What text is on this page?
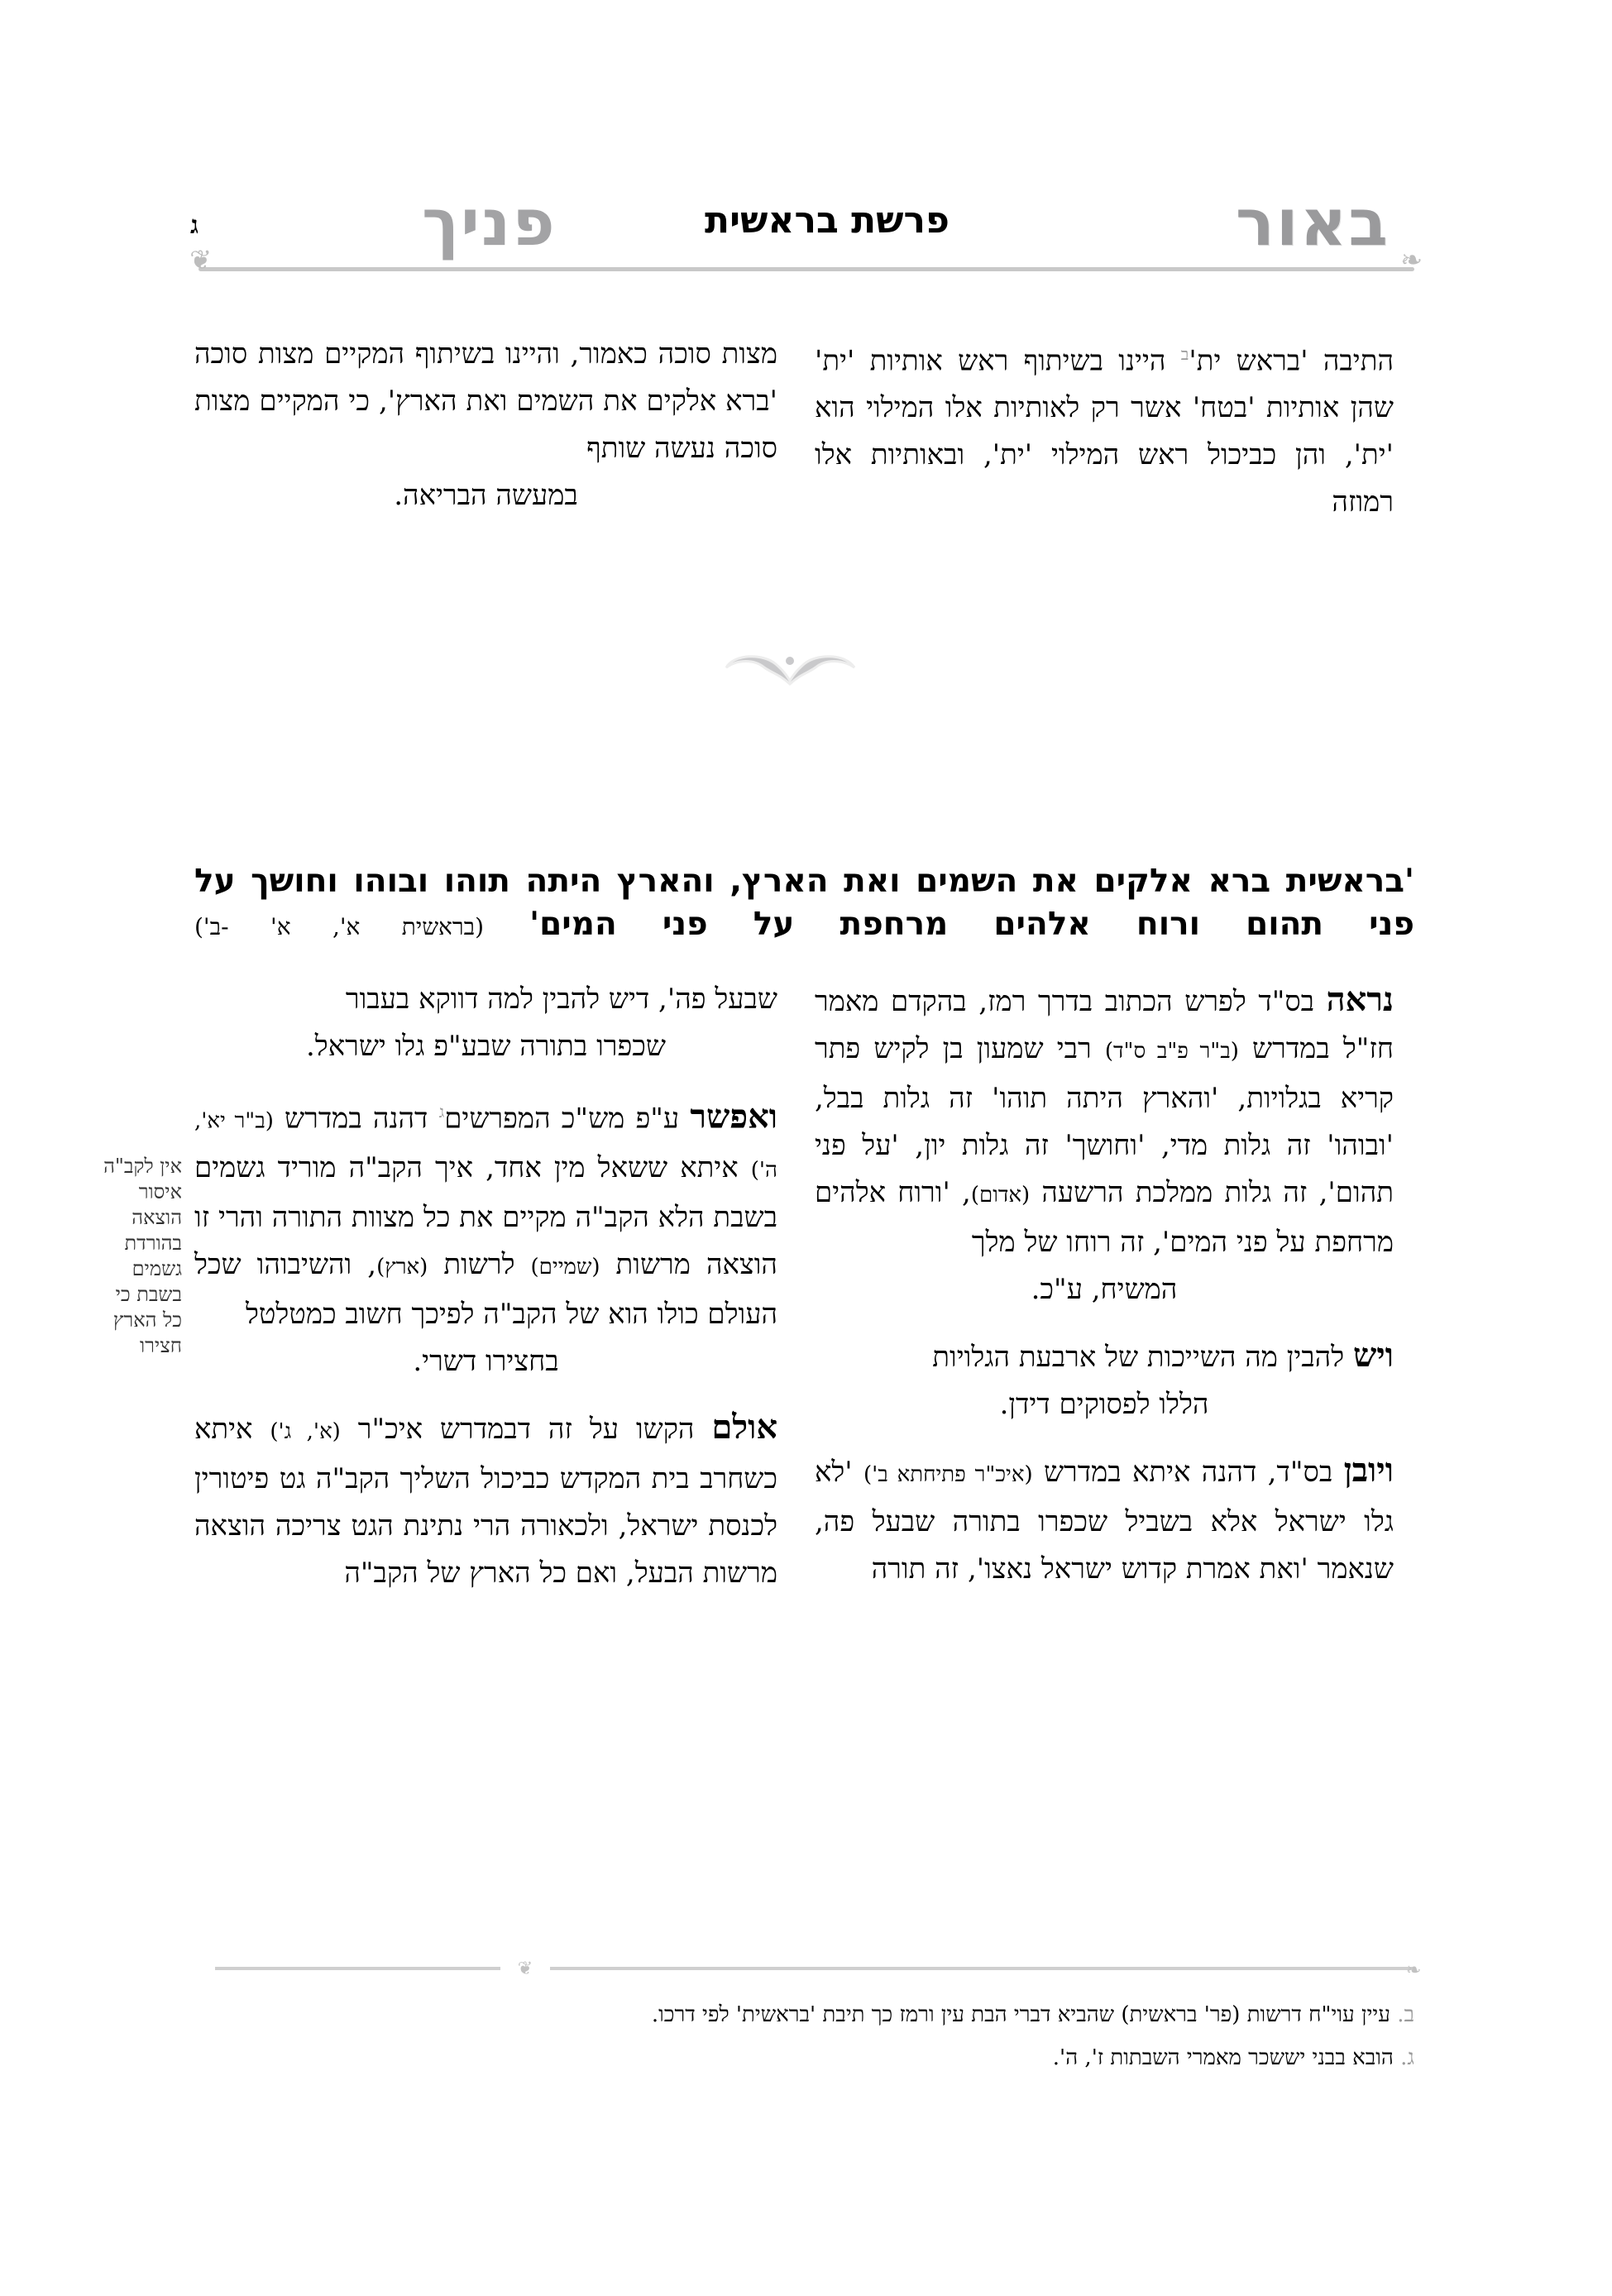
באור
פרשת בראשית
פניך
ג
❦	❧

התיבה 'בראש ית'$^ב$ היינו בשיתוף ראש אותיות 'ית' שהן אותיות 'בטח' אשר רק לאותיות אלו המילוי הוא 'ית', והן כביכול ראש המילוי 'ית', ובאותיות אלו רמוזה

מצות סוכה כאמור, והיינו בשיתוף המקיים מצות סוכה 'ברא אלקים את השמים ואת הארץ', כי המקיים מצות סוכה נעשה שותף

במעשה הבריאה.

'בראשית ברא אלקים את השמים ואת הארץ, והארץ היתה תוהו ובוהו וחושך על פני תהום ורוח אלהים מרחפת על פני המים' (בראשית א', א' -ב')

נראה בס"ד לפרש הכתוב בדרך רמז, בהקדם מאמר חז"ל במדרש (ב"ר פ"ב ס"ד) רבי שמעון בן לקיש פתר קריא בגלויות, 'והארץ היתה תוהו' זה גלות בבל, 'ובוהו' זה גלות מדי, 'וחושך' זה גלות יון, 'על פני תהום', זה גלות ממלכת הרשעה (אדום), 'ורוח אלהים מרחפת על פני המים', זה רוחו של מלך

המשיח, ע"כ.

ויש להבין מה השייכות של ארבעת הגלויות

הללו לפסוקים דידן.

ויובן בס"ד, דהנה איתא במדרש (איכ"ר פתיחתא ב') 'לא גלו ישראל אלא בשביל שכפרו בתורה שבעל פה, שנאמר 'ואת אמרת קדוש ישראל נאצו', זה תורה

שבעל פה', דיש להבין למה דווקא בעבור

שכפרו בתורה שבע"פ גלו ישראל.

ואפשר ע"פ מש"כ המפרשים$^ג$ דהנה במדרש (ב"ר יא', ה') איתא ששאל מין אחד, איך הקב"ה מוריד גשמים בשבת הלא הקב"ה מקיים את כל מצוות התורה והרי זו הוצאה מרשות (שמיים) לרשות (ארץ), והשיבוהו שכל העולם כולו הוא של הקב"ה לפיכך חשוב כמטלטל

בחצירו דשרי.

אולם הקשו על זה דבמדרש איכ"ר (א', ג') איתא כשחרב בית המקדש כביכול השליך הקב"ה גט פיטורין לכנסת ישראל, ולכאורה הרי נתינת הגט צריכה הוצאה מרשות הבעל, ואם כל הארץ של הקב"ה

אין לקב"ה
איסור
הוצאה
בהורדת
גשמים
בשבת כי
כל הארץ
חצירו
❦	❧
ב. עיין עוי"ח דרשות (פר' בראשית) שהביא דברי הבת עין ורמז כך תיבת 'בראשית' לפי דרכו.
ג. הובא בבני יששכר מאמרי השבתות ז', ה'.
